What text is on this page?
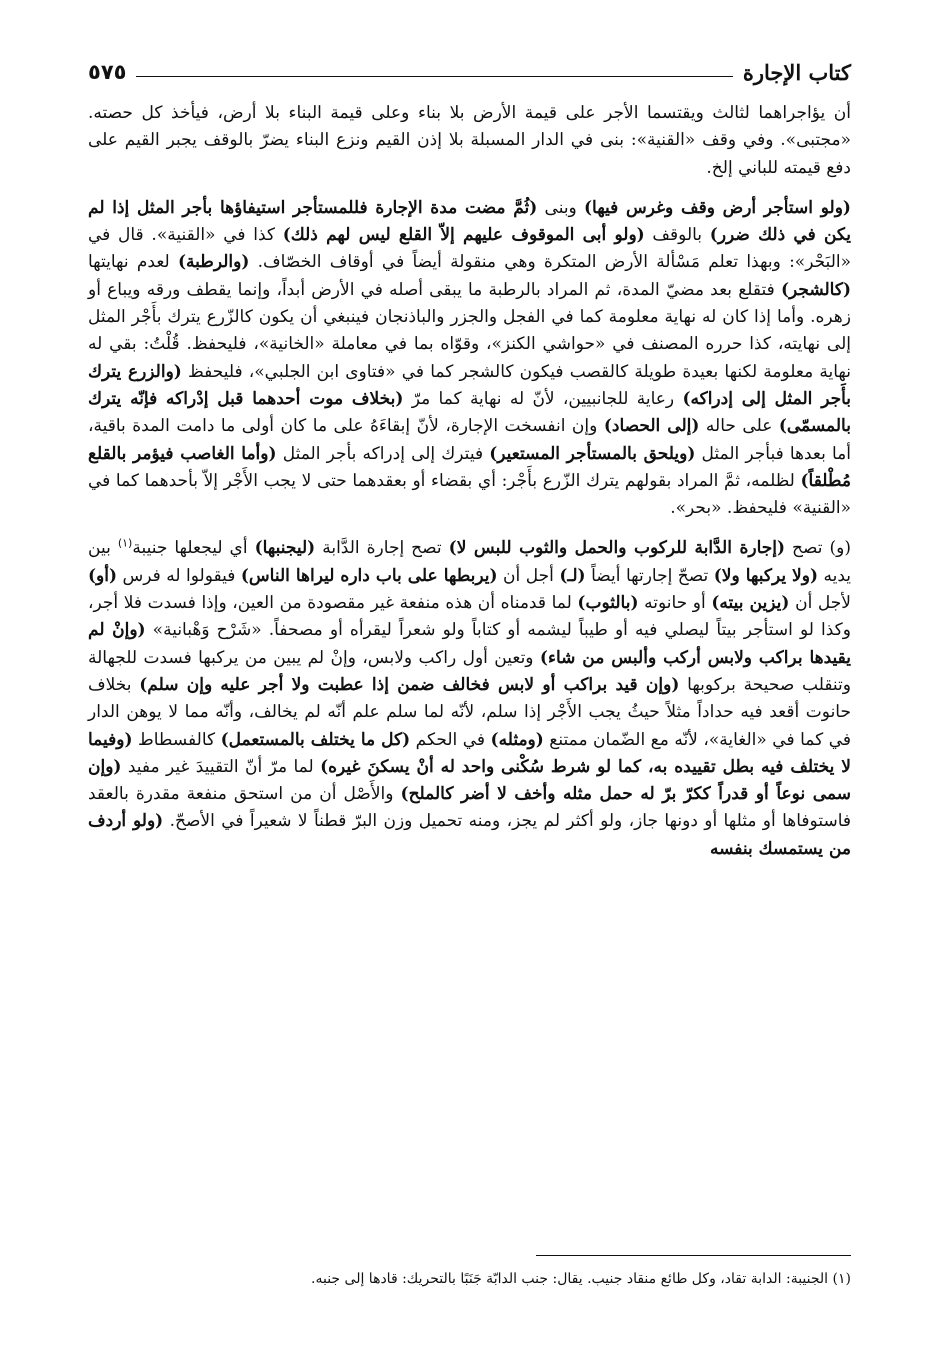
كتاب الإجارة
٥٧٥

أن يؤاجراهما لثالث ويقتسما الأجر على قيمة الأرض بلا بناء وعلى قيمة البناء بلا أرض، فيأخذ كل حصته. «مجتبى». وفي وقف «القنية»: بنى في الدار المسبلة بلا إذن القيم ونزع البناء يضرّ بالوقف يجبر القيم على دفع قيمته للباني إلخ.

(ولو استأجر أرض وقف وغرس فيها) وبنى (ثُمَّ مضت مدة الإجارة فللمستأجر استيفاؤها بأجر المثل إذا لم يكن في ذلك ضرر) بالوقف (ولو أبى الموقوف عليهم إلاّ القلع ليس لهم ذلك) كذا في «القنية». قال في «البَحْر»: وبهذا تعلم مَسْألة الأرض المتكرة وهي منقولة أيضاً في أوقاف الخصّاف. (والرطبة) لعدم نهايتها (كالشجر) فتقلع بعد مضيّ المدة، ثم المراد بالرطبة ما يبقى أصله في الأرض أبداً، وإنما يقطف ورقه ويباع أو زهره. وأما إذا كان له نهاية معلومة كما في الفجل والجزر والباذنجان فينبغي أن يكون كالزّرع يترك بأَجْر المثل إلى نهايته، كذا حرره المصنف في «حواشي الكنز»، وقوّاه بما في معاملة «الخانية»، فليحفظ. قُلْتُ: بقي له نهاية معلومة لكنها بعيدة طويلة كالقصب فيكون كالشجر كما في «فتاوى ابن الجلبي»، فليحفظ (والزرع يترك بأَجر المثل إلى إدراكه) رعاية للجانبيين، لأنّ له نهاية كما مرّ (بخلاف موت أحدهما قبل إدْراكه فإنّه يترك بالمسمّى) على حاله (إلى الحصاد) وإن انفسخت الإجارة، لأنّ إبقاءَهُ على ما كان أولى ما دامت المدة باقية، أما بعدها فبأجر المثل (ويلحق بالمستأجر المستعير) فيترك إلى إدراكه بأجر المثل (وأما الغاصب فيؤمر بالقلع مُطْلقاً) لظلمه، ثمَّ المراد بقولهم يترك الزّرع بأَجْر: أي بقضاء أو بعقدهما حتى لا يجب الأَجْر إلاّ بأحدهما كما في «القنية» فليحفظ. «بحر».

(و) تصح (إجارة الدَّابة للركوب والحمل والثوب للبس لا) تصح إجارة الدَّابة (ليجنبها) أي ليجعلها جنيبة$^{(١)}$ بين يديه (ولا يركبها ولا) تصحّ إجارتها أيضاً (لـ) أجل أن (يربطها على باب داره ليراها الناس) فيقولوا له فرس (أو) لأجل أن (يزين بيته) أو حانوته (بالثوب) لما قدمناه أن هذه منفعة غير مقصودة من العين، وإذا فسدت فلا أجر، وكذا لو استأجر بيتاً ليصلي فيه أو طيباً ليشمه أو كتاباً ولو شعراً ليقرأه أو مصحفاً. «شَرْح وَهْبانية» (وإنْ لم يقيدها براكب ولابس أركب وألبس من شاء) وتعين أول راكب ولابس، وإنْ لم يبين من يركبها فسدت للجهالة وتنقلب صحيحة بركوبها (وإن قيد براكب أو لابس فخالف ضمن إذا عطبت ولا أجر عليه وإن سلم) بخلاف حانوت أقعد فيه حداداً مثلاً حيثُ يجب الأَجْر إذا سلم، لأنّه لما سلم علم أنّه لم يخالف، وأنّه مما لا يوهن الدار في كما في «الغاية»، لأنّه مع الضّمان ممتنع (ومثله) في الحكم (كل ما يختلف بالمستعمل) كالفسطاط (وفيما لا يختلف فيه بطل تقييده به، كما لو شرط سُكْنى واحد له أنْ يسكنَ غيره) لما مرّ أنّ التقييدَ غير مفيد (وإن سمى نوعاً أو قدراً ككرّ برّ له حمل مثله وأخف لا أضر كالملح) والأَصْل أن من استحق منفعة مقدرة بالعقد فاستوفاها أو مثلها أو دونها جاز، ولو أكثر لم يجز، ومنه تحميل وزن البرّ قطناً لا شعيراً في الأصحّ. (ولو أردف من يستمسك بنفسه

(١) الجنيبة: الدابة تقاد، وكل طائع منقاد جنيب. يقال: جنب الدابّة جَنَبًا بالتحريك: قادها إلى جنبه.
